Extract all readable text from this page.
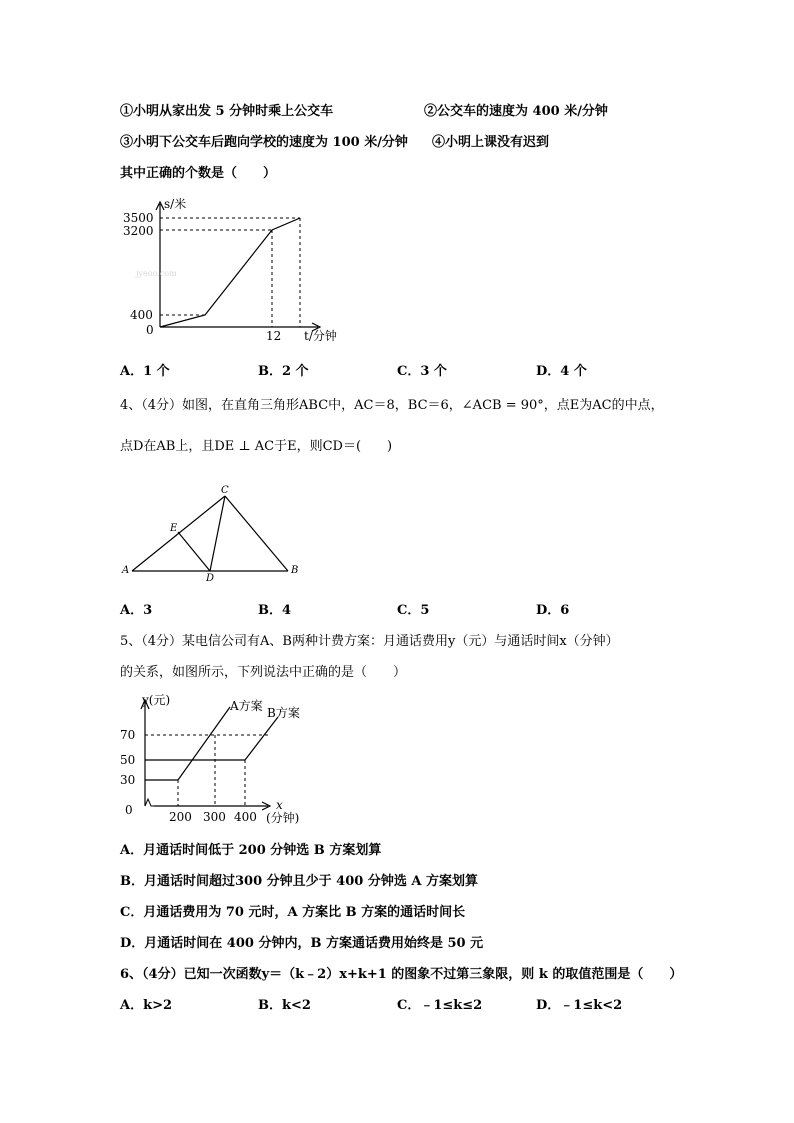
①小明从家出发 5 分钟时乘上公交车	②公交车的速度为 400 米/分钟
③小明下公交车后跑向学校的速度为 100 米/分钟 ④小明上课没有迟到
其中正确的个数是（　　）
s/米
3500
3200
400
0	12 t/分钟
jyeoo.com
A．1 个	B．2 个	C．3 个	D．4 个
4、（4分）如图，在直角三角形ABC中，AC＝8，BC＝6，∠ACB = 90°，点E为AC的中点，
点D在AB上，且DE ⊥ AC于E，则CD＝(　　)
A	B
C
D
E
A．3	B．4	C．5	D．6
5、（4分）某电信公司有A、B两种计费方案：月通话费用y（元）与通话时间x（分钟）
的关系，如图所示，下列说法中正确的是（　　）
y(元)	A方案 B方案
70
50
30
0	200 300 400
x
(分钟)
A．月通话时间低于 200 分钟选 B 方案划算
B．月通话时间超过300 分钟且少于 400 分钟选 A 方案划算
C．月通话费用为 70 元时，A 方案比 B 方案的通话时间长
D．月通话时间在 400 分钟内，B 方案通话费用始终是 50 元
6、（4分）已知一次函数y＝（k﹣2）x+k+1 的图象不过第三象限，则 k 的取值范围是（　　）
A．k>2	B．k<2	C．﹣1≤k≤2	D．﹣1≤k<2
